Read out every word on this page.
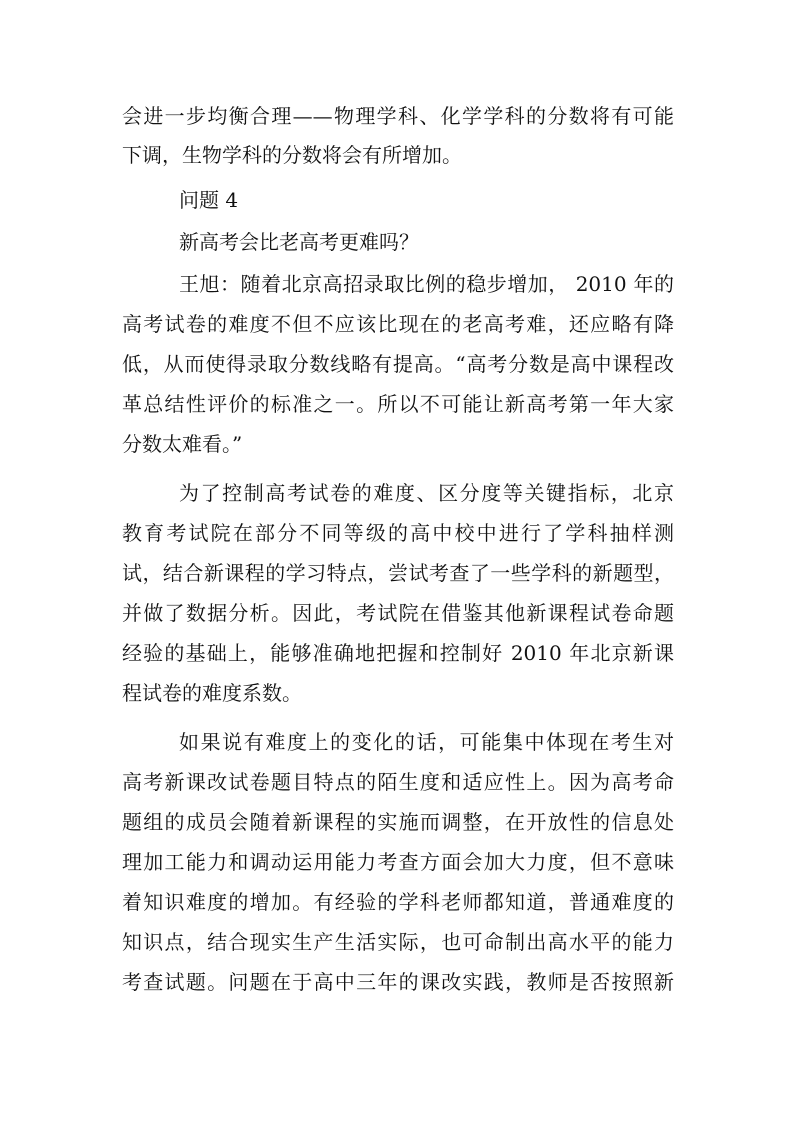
会进一步均衡合理——物理学科、化学学科的分数将有可能
下调，生物学科的分数将会有所增加。
问题 4
新高考会比老高考更难吗？
王旭：随着北京高招录取比例的稳步增加， 2010 年的
高考试卷的难度不但不应该比现在的老高考难，还应略有降
低，从而使得录取分数线略有提高。“高考分数是高中课程改
革总结性评价的标准之一。所以不可能让新高考第一年大家
分数太难看。”
为了控制高考试卷的难度、区分度等关键指标，北京
教育考试院在部分不同等级的高中校中进行了学科抽样测
试，结合新课程的学习特点，尝试考查了一些学科的新题型，
并做了数据分析。因此，考试院在借鉴其他新课程试卷命题
经验的基础上，能够准确地把握和控制好 2010 年北京新课
程试卷的难度系数。
如果说有难度上的变化的话，可能集中体现在考生对
高考新课改试卷题目特点的陌生度和适应性上。因为高考命
题组的成员会随着新课程的实施而调整，在开放性的信息处
理加工能力和调动运用能力考查方面会加大力度，但不意味
着知识难度的增加。有经验的学科老师都知道，普通难度的
知识点，结合现实生产生活实际，也可命制出高水平的能力
考查试题。问题在于高中三年的课改实践，教师是否按照新
